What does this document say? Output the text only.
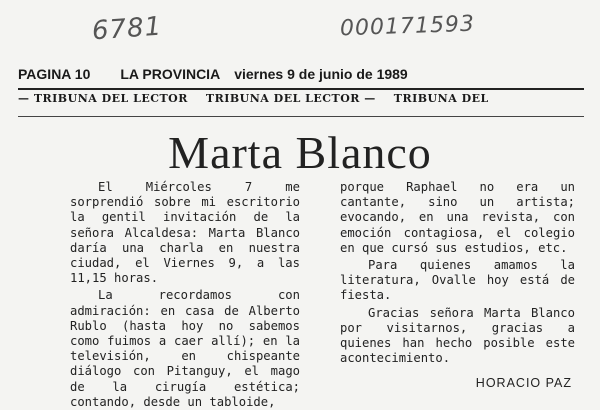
6781	000171593
PAGINA 10 LA PROVINCIA viernes 9 de junio de 1989
— TRIBUNA DEL LECTOR TRIBUNA DEL LECTOR — TRIBUNA DEL
Marta Blanco

El Miércoles 7 me sorprendió sobre mi escritorio la gentil invitación de la señora Alcaldesa: Marta Blanco daría una charla en nuestra ciudad, el Viernes 9, a las 11,15 horas.

La recordamos con admiración: en casa de Alberto Rublo (hasta hoy no sabemos como fuimos a caer allí); en la televisión, en chispeante diálogo con Pitanguy, el mago de la cirugía estética; contando, desde un tabloide,

porque Raphael no era un cantante, sino un artista; evocando, en una revista, con emoción contagiosa, el colegio en que cursó sus estudios, etc.

Para quienes amamos la literatura, Ovalle hoy está de fiesta.

Gracias señora Marta Blanco por visitarnos, gracias a quienes han hecho posible este acontecimiento.

HORACIO PAZ
